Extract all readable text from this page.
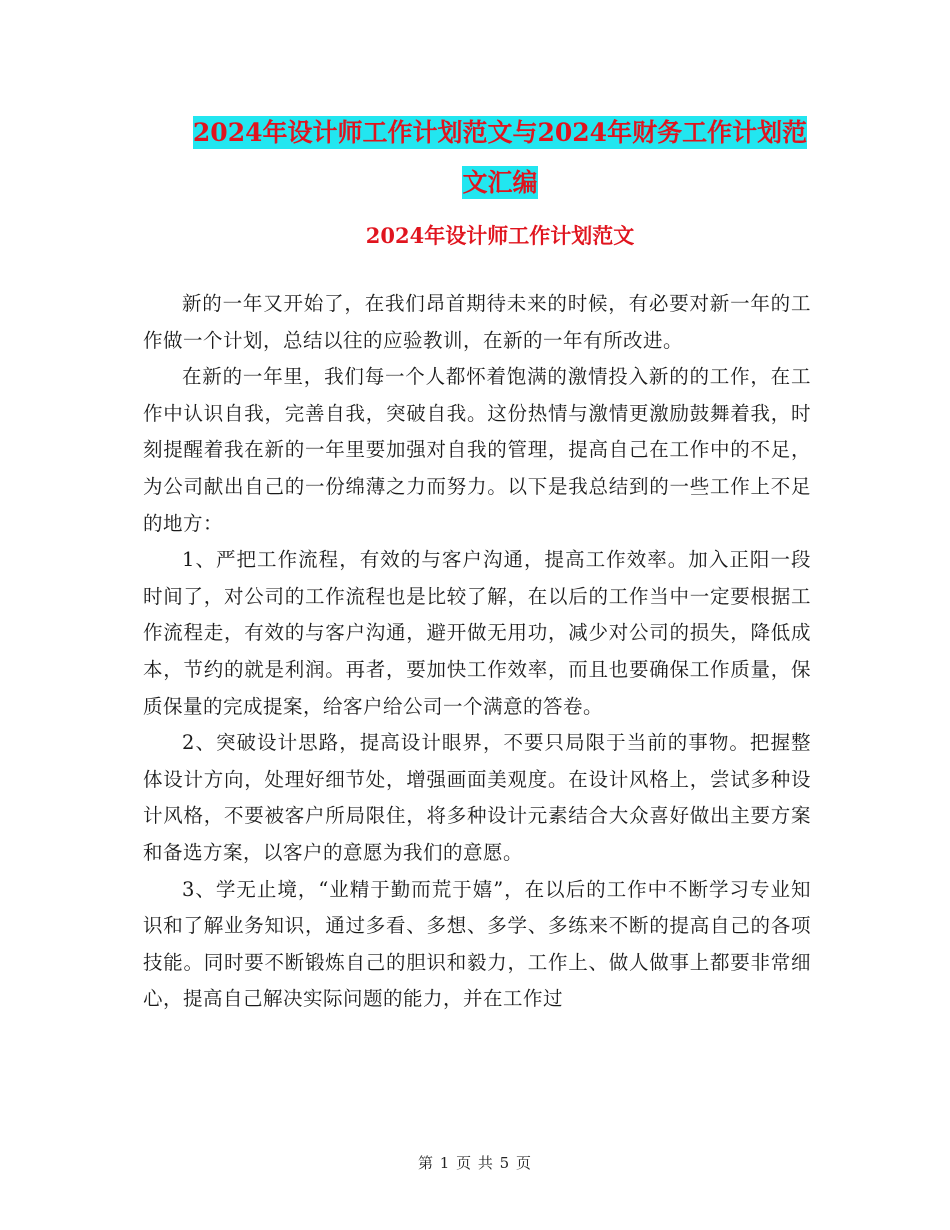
2024年设计师工作计划范文与2024年财务工作计划范
文汇编
2024年设计师工作计划范文

新的一年又开始了，在我们昂首期待未来的时候，有必要对新一年的工作做一个计划，总结以往的应验教训，在新的一年有所改进。

在新的一年里，我们每一个人都怀着饱满的激情投入新的的工作，在工作中认识自我，完善自我，突破自我。这份热情与激情更激励鼓舞着我，时刻提醒着我在新的一年里要加强对自我的管理，提高自己在工作中的不足，为公司献出自己的一份绵薄之力而努力。以下是我总结到的一些工作上不足的地方：

1、严把工作流程，有效的与客户沟通，提高工作效率。加入正阳一段时间了，对公司的工作流程也是比较了解，在以后的工作当中一定要根据工作流程走，有效的与客户沟通，避开做无用功，减少对公司的损失，降低成本，节约的就是利润。再者，要加快工作效率，而且也要确保工作质量，保质保量的完成提案，给客户给公司一个满意的答卷。

2、突破设计思路，提高设计眼界，不要只局限于当前的事物。把握整体设计方向，处理好细节处，增强画面美观度。在设计风格上，尝试多种设计风格，不要被客户所局限住，将多种设计元素结合大众喜好做出主要方案和备选方案，以客户的意愿为我们的意愿。

3、学无止境，“业精于勤而荒于嬉”，在以后的工作中不断学习专业知识和了解业务知识，通过多看、多想、多学、多练来不断的提高自己的各项技能。同时要不断锻炼自己的胆识和毅力，工作上、做人做事上都要非常细心，提高自己解决实际问题的能力，并在工作过

第 1 页 共 5 页
